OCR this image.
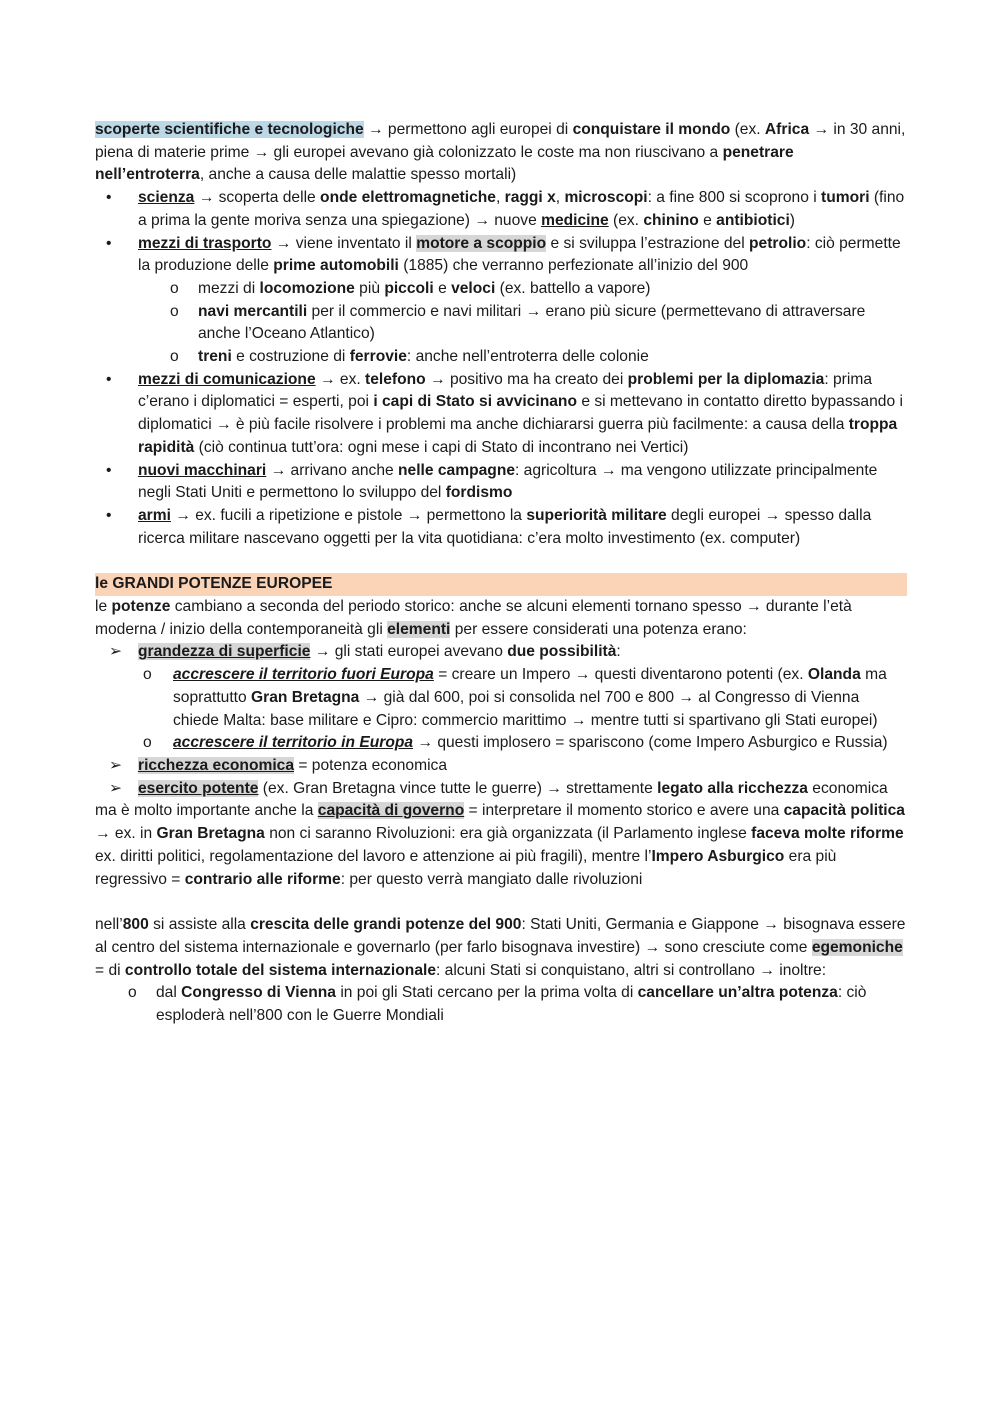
scoperte scientifiche e tecnologiche → permettono agli europei di conquistare il mondo (ex. Africa → in 30 anni, piena di materie prime → gli europei avevano già colonizzato le coste ma non riuscivano a penetrare nell’entroterra, anche a causa delle malattie spesso mortali)

• scienza → scoperta delle onde elettromagnetiche, raggi x, microscopi: a fine 800 si scoprono i tumori (fino a prima la gente moriva senza una spiegazione) → nuove medicine (ex. chinino e antibiotici)
• mezzi di trasporto → viene inventato il motore a scoppio e si sviluppa l’estrazione del petrolio: ciò permette la produzione delle prime automobili (1885) che verranno perfezionate all’inizio del 900
o mezzi di locomozione più piccoli e veloci (ex. battello a vapore)
o navi mercantili per il commercio e navi militari → erano più sicure (permettevano di attraversare anche l’Oceano Atlantico)
o treni e costruzione di ferrovie: anche nell’entroterra delle colonie
• mezzi di comunicazione → ex. telefono → positivo ma ha creato dei problemi per la diplomazia: prima c’erano i diplomatici = esperti, poi i capi di Stato si avvicinano e si mettevano in contatto diretto bypassando i diplomatici → è più facile risolvere i problemi ma anche dichiararsi guerra più facilmente: a causa della troppa rapidità (ciò continua tutt’ora: ogni mese i capi di Stato di incontrano nei Vertici)
• nuovi macchinari → arrivano anche nelle campagne: agricoltura → ma vengono utilizzate principalmente negli Stati Uniti e permettono lo sviluppo del fordismo
• armi → ex. fucili a ripetizione e pistole → permettono la superiorità militare degli europei → spesso dalla ricerca militare nascevano oggetti per la vita quotidiana: c’era molto investimento (ex. computer)

le GRANDI POTENZE EUROPEE

le potenze cambiano a seconda del periodo storico: anche se alcuni elementi tornano spesso → durante l’età moderna / inizio della contemporaneità gli elementi per essere considerati una potenza erano:

➢ grandezza di superficie → gli stati europei avevano due possibilità:
o accrescere il territorio fuori Europa = creare un Impero → questi diventarono potenti (ex. Olanda ma soprattutto Gran Bretagna → già dal 600, poi si consolida nel 700 e 800 → al Congresso di Vienna chiede Malta: base militare e Cipro: commercio marittimo → mentre tutti si spartivano gli Stati europei)
o accrescere il territorio in Europa → questi implosero = spariscono (come Impero Asburgico e Russia)
➢ ricchezza economica = potenza economica
➢ esercito potente (ex. Gran Bretagna vince tutte le guerre) → strettamente legato alla ricchezza economica

ma è molto importante anche la capacità di governo = interpretare il momento storico e avere una capacità politica → ex. in Gran Bretagna non ci saranno Rivoluzioni: era già organizzata (il Parlamento inglese faceva molte riforme ex. diritti politici, regolamentazione del lavoro e attenzione ai più fragili), mentre l’Impero Asburgico era più regressivo = contrario alle riforme: per questo verrà mangiato dalle rivoluzioni

nell’800 si assiste alla crescita delle grandi potenze del 900: Stati Uniti, Germania e Giappone → bisognava essere al centro del sistema internazionale e governarlo (per farlo bisognava investire) → sono cresciute come egemoniche = di controllo totale del sistema internazionale: alcuni Stati si conquistano, altri si controllano → inoltre:

o dal Congresso di Vienna in poi gli Stati cercano per la prima volta di cancellare un’altra potenza: ciò esploderà nell’800 con le Guerre Mondiali
